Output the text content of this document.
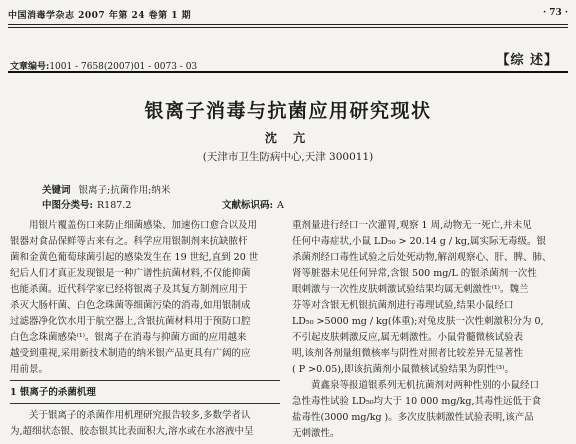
中国消毒学杂志 2007 年第 24 卷第 1 期	· 73 ·
文章编号:1001 - 7658(2007)01 - 0073 - 03	【综 述】
银离子消毒与抗菌应用研究现状
沈 亢
(天津市卫生防病中心,天津 300011)
关键词 银离子;抗菌作用;纳米
中图分类号: R187.2	文献标识码: A

用银片覆盖伤口来防止细菌感染、加速伤口愈合以及用
银器对食品保鲜等古来有之。科学应用银制剂来抗缺脓杆
菌和金黄色葡萄球菌引起的感染发生在 19 世纪,直到 20 世
纪后人们才真正发现银是一种广谱性抗菌材料,不仅能抑菌
也能杀菌。近代科学家已经将银离子及其复方制剂应用于
杀灭大肠杆菌、白色念珠菌等细菌污染的消毒,如用银制成
过滤器净化饮水用于航空器上,含银抗菌材料用于预防口腔
白色念珠菌感染⁽¹⁾。银离子在消毒与抑菌方面的应用越来
越受到重视,采用新技术制造的纳米银产品更具有广阔的应
用前景。

1 银离子的杀菌机理

关于银离子的杀菌作用机理研究报告较多,多数学者认
为,超细状态银、胶态银其比表面积大,溶水或在水溶液中呈

重剂量进行经口一次灌胃,观察 1 周,动物无一死亡,并未见
任何中毒症状,小鼠 LD₅₀ > 20.14 g / kg,属实际无毒级。银
杀菌剂经口毒性试验之后处死动物,解剖观察心、肝、脾、肺、
肾等脏器未见任何异常,含银 500 mg/L 的银杀菌剂一次性
眼刺激与一次性皮肤刺激试验结果均属无刺激性⁽¹⁾。魏兰
芬等对含银无机银抗菌剂进行毒理试验,结果小鼠经口
LD₅₀ >5000 mg / kg(体重);对兔皮肤一次性刺激积分为 0,
不引起皮肤刺激反应,属无刺激性。小鼠骨髓微核试验表
明,该剂各剂量组微核率与阴性对照者比较差异无显著性
( P >0.05),即该抗菌剂小鼠微核试验结果为阴性⁽³⁾。

黄鑫泉等报道银系列无机抗菌剂对两种性别的小鼠经口
急性毒性试验 LD₅₀均大于 10 000 mg/kg,其毒性远低于食
盐毒性(3000 mg/kg )。多次皮肤刺激性试验表明,该产品
无刺激性。
